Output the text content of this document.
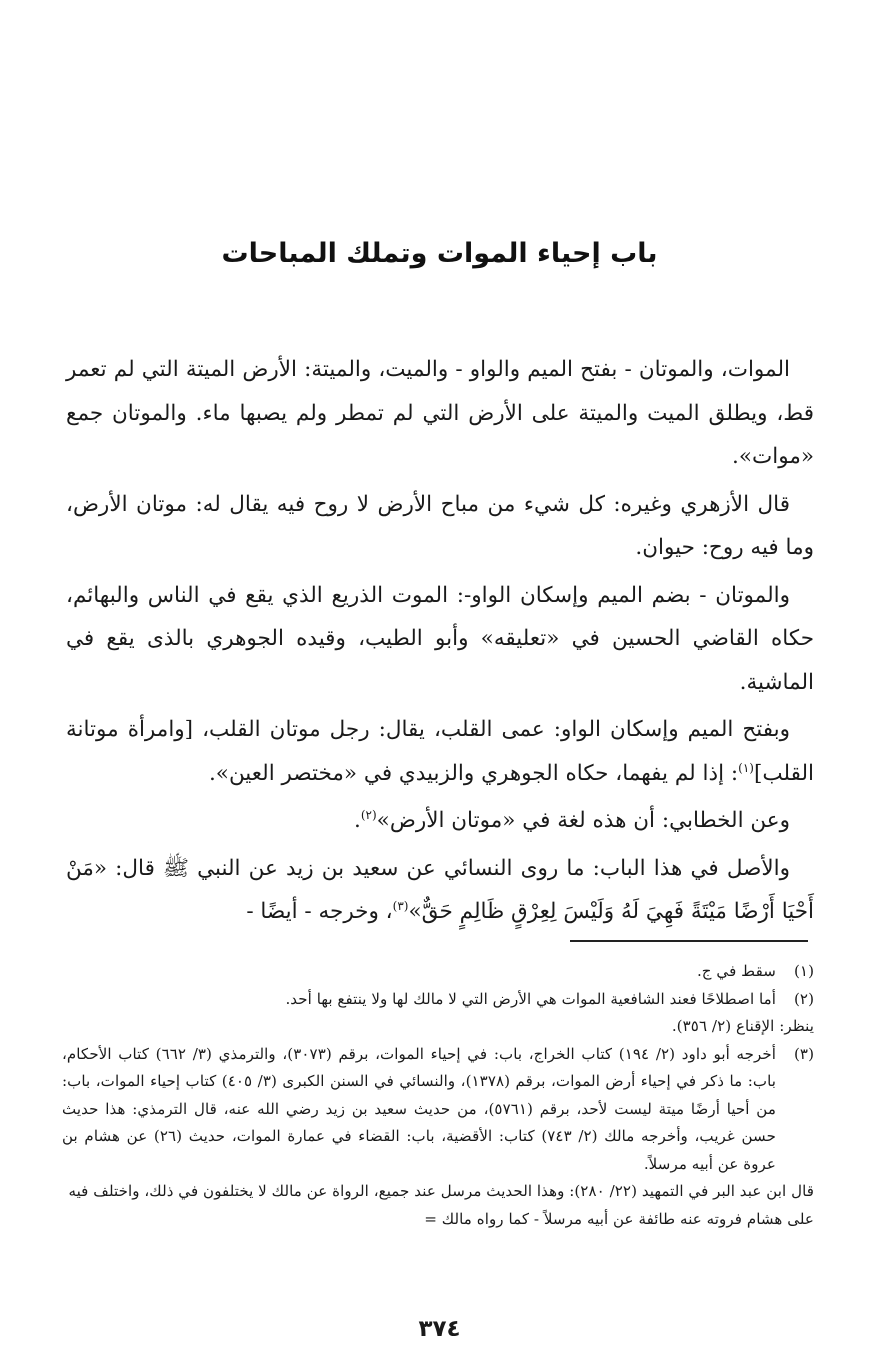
باب إحياء الموات وتملك المباحات

الموات، والموتان - بفتح الميم والواو - والميت، والميتة: الأرض الميتة التي لم تعمر قط، ويطلق الميت والميتة على الأرض التي لم تمطر ولم يصبها ماء. والموتان جمع «موات».

قال الأزهري وغيره: كل شيء من مباح الأرض لا روح فيه يقال له: موتان الأرض، وما فيه روح: حيوان.

والموتان - بضم الميم وإسكان الواو-: الموت الذريع الذي يقع في الناس والبهائم، حكاه القاضي الحسين في «تعليقه» وأبو الطيب، وقيده الجوهري بالذى يقع في الماشية.

وبفتح الميم وإسكان الواو: عمى القلب، يقال: رجل موتان القلب، [وامرأة موتانة القلب]$^{(١)}$: إذا لم يفهما، حكاه الجوهري والزبيدي في «مختصر العين».

وعن الخطابي: أن هذه لغة في «موتان الأرض»$^{(٢)}$.

والأصل في هذا الباب: ما روى النسائي عن سعيد بن زيد عن النبي ﷺ قال: «مَنْ أَحْيَا أَرْضًا مَيْتَةً فَهِيَ لَهُ وَلَيْسَ لِعِرْقٍ ظَالِمٍ حَقٌّ»$^{(٣)}$، وخرجه - أيضًا -

(١)
سقط في ج.
(٢)
أما اصطلاحًا فعند الشافعية الموات هي الأرض التي لا مالك لها ولا ينتفع بها أحد.
ينظر: الإقناع (٢/ ٣٥٦).
(٣)
أخرجه أبو داود (٢/ ١٩٤) كتاب الخراج، باب: في إحياء الموات، برقم (٣٠٧٣)، والترمذي (٣/ ٦٦٢) كتاب الأحكام، باب: ما ذكر في إحياء أرض الموات، برقم (١٣٧٨)، والنسائي في السنن الكبرى (٣/ ٤٠٥) كتاب إحياء الموات، باب: من أحيا أرضًا ميتة ليست لأحد، برقم (٥٧٦١)، من حديث سعيد بن زيد رضي الله عنه، قال الترمذي: هذا حديث حسن غريب، وأخرجه مالك (٢/ ٧٤٣) كتاب: الأقضية، باب: القضاء في عمارة الموات، حديث (٢٦) عن هشام بن عروة عن أبيه مرسلاً.
قال ابن عبد البر في التمهيد (٢٢/ ٢٨٠): وهذا الحديث مرسل عند جميع، الرواة عن مالك لا يختلفون في ذلك، واختلف فيه على هشام فروته عنه طائفة عن أبيه مرسلاً - كما رواه مالك =
٣٧٤
